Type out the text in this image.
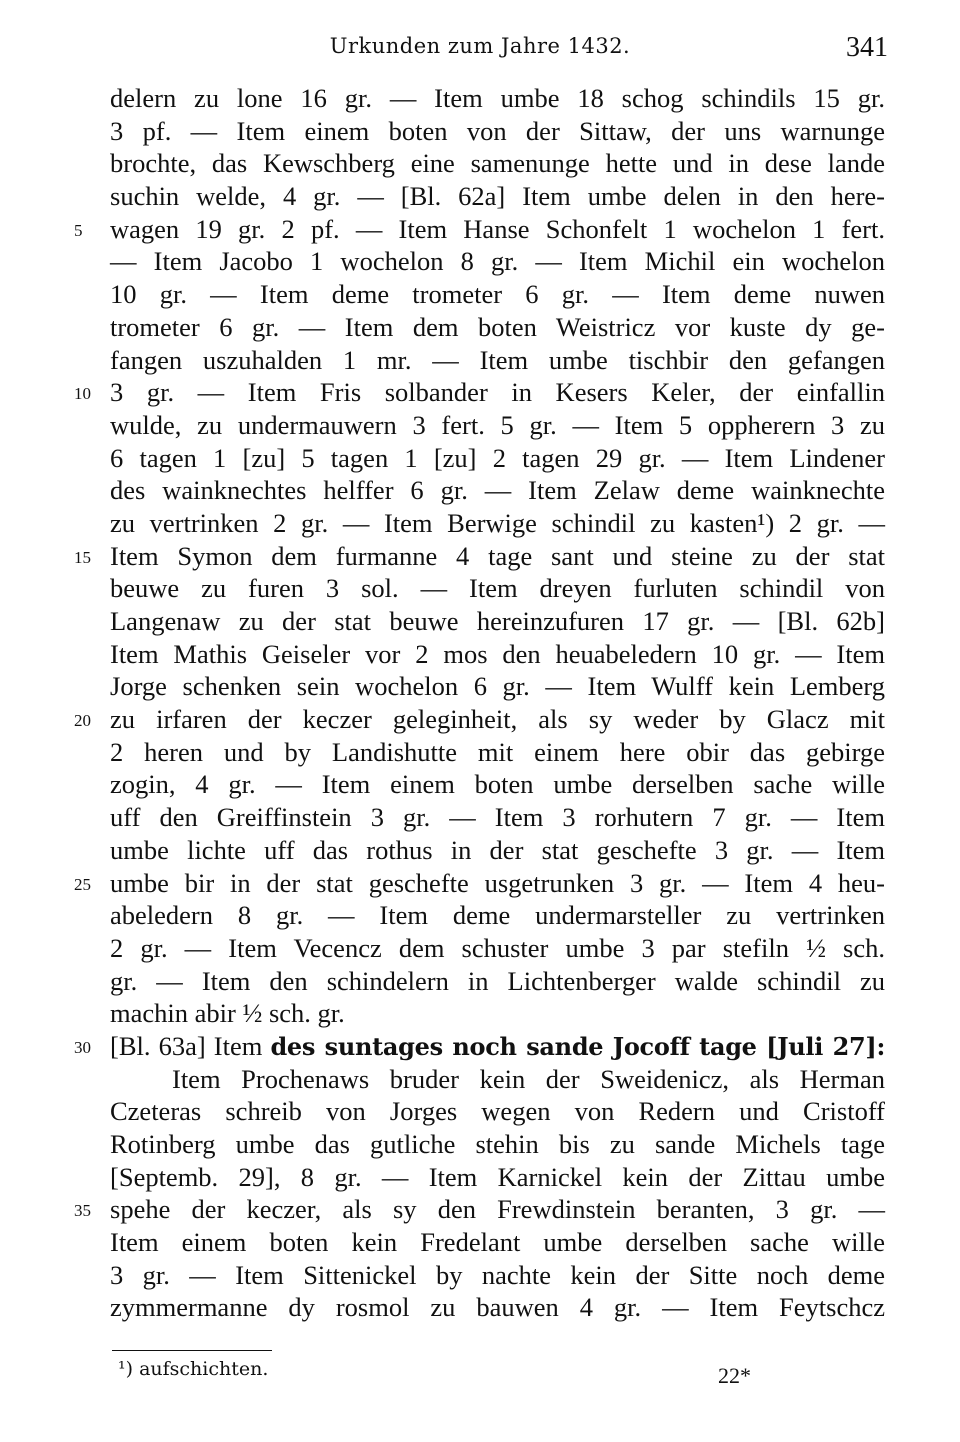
Urkunden zum Jahre 1432.	341
delern zu lone 16 gr. — Item umbe 18 schog schindils 15 gr.
3 pf. — Item einem boten von der Sittaw, der uns warnunge
brochte, das Kewschberg eine samenunge hette und in dese lande
suchin welde, 4 gr. — [Bl. 62a] Item umbe delen in den here-
5	wagen 19 gr. 2 pf. — Item Hanse Schonfelt 1 wochelon 1 fert.
— Item Jacobo 1 wochelon 8 gr. — Item Michil ein wochelon
10 gr. — Item deme trometer 6 gr. — Item deme nuwen
trometer 6 gr. — Item dem boten Weistricz vor kuste dy ge-
fangen uszuhalden 1 mr. — Item umbe tischbir den gefangen
10 3 gr. — Item Fris solbander in Kesers Keler, der einfallin
wulde, zu undermauwern 3 fert. 5 gr. — Item 5 oppherern 3 zu
6 tagen 1 [zu] 5 tagen 1 [zu] 2 tagen 29 gr. — Item Lindener
des wainknechtes helffer 6 gr. — Item Zelaw deme wainknechte
zu vertrinken 2 gr. — Item Berwige schindil zu kasten¹) 2 gr. —
15 Item Symon dem furmanne 4 tage sant und steine zu der stat
beuwe zu furen 3 sol. — Item dreyen furluten schindil von
Langenaw zu der stat beuwe hereinzufuren 17 gr. — [Bl. 62b]
Item Mathis Geiseler vor 2 mos den heuabeledern 10 gr. — Item
Jorge schenken sein wochelon 6 gr. — Item Wulff kein Lemberg
20 zu irfaren der keczer geleginheit, als sy weder by Glacz mit
2 heren und by Landishutte mit einem here obir das gebirge
zogin, 4 gr. — Item einem boten umbe derselben sache wille
uff den Greiffinstein 3 gr. — Item 3 rorhutern 7 gr. — Item
umbe lichte uff das rothus in der stat geschefte 3 gr. — Item
25 umbe bir in der stat geschefte usgetrunken 3 gr. — Item 4 heu-
abeledern 8 gr. — Item deme undermarsteller zu vertrinken
2 gr. — Item Vecencz dem schuster umbe 3 par stefiln ½ sch.
gr. — Item den schindelern in Lichtenberger walde schindil zu
machin abir ½ sch. gr.
30 [Bl. 63a] Item des suntages noch sande Jocoff tage [Juli 27]:
Item Prochenaws bruder kein der Sweidenicz, als Herman
Czeteras schreib von Jorges wegen von Redern und Cristoff
Rotinberg umbe das gutliche stehin bis zu sande Michels tage
[Septemb. 29], 8 gr. — Item Karnickel kein der Zittau umbe
35 spehe der keczer, als sy den Frewdinstein beranten, 3 gr. —
Item einem boten kein Fredelant umbe derselben sache wille
3 gr. — Item Sittenickel by nachte kein der Sitte noch deme
zymmermanne dy rosmol zu bauwen 4 gr. — Item Feytschcz
¹) aufschichten.	22*
